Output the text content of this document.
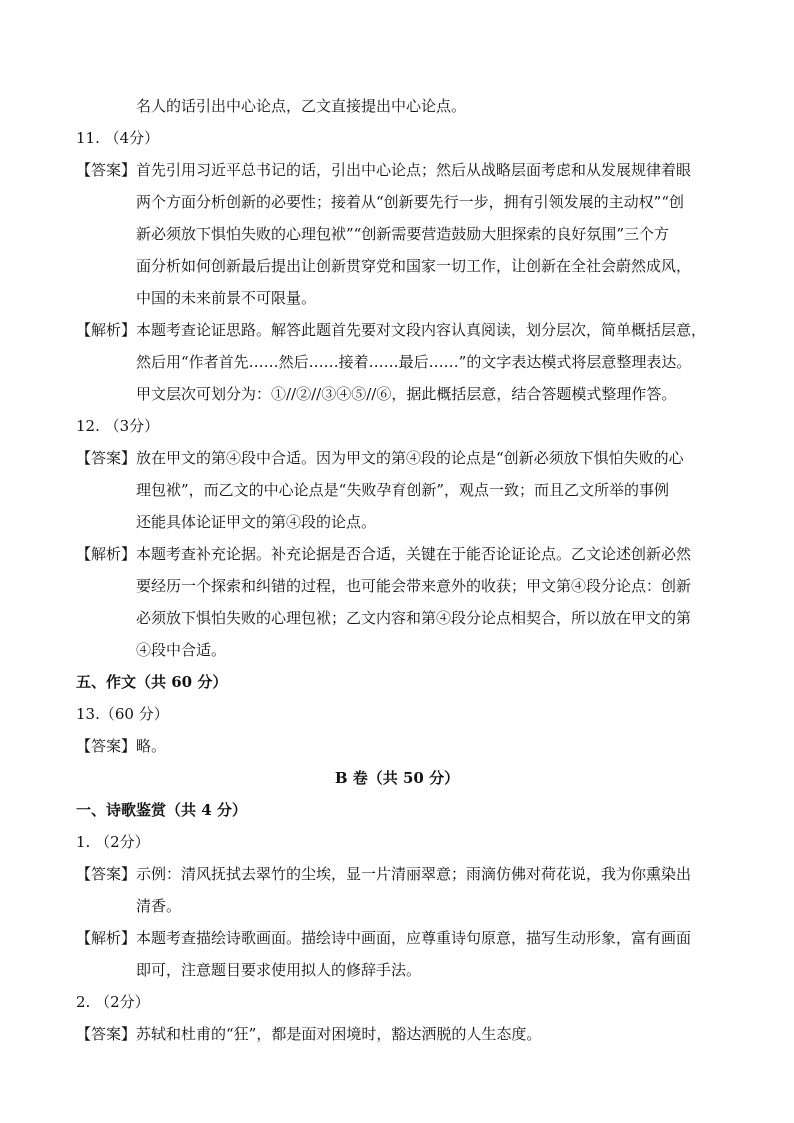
名人的话引出中心论点，乙文直接提出中心论点。
11. （4分）
【答案】 首先引用习近平总书记的话，引出中心论点；然后从战略层面考虑和从发展规律着眼
两个方面分析创新的必要性；接着从“创新要先行一步，拥有引领发展的主动权”“创
新必须放下惧怕失败的心理包袱”“创新需要营造鼓励大胆探索的良好氛围”三个方
面分析如何创新最后提出让创新贯穿党和国家一切工作，让创新在全社会蔚然成风，
中国的未来前景不可限量。
【解析】 本题考查论证思路。解答此题首先要对文段内容认真阅读，划分层次，简单概括层意，
然后用“作者首先……然后……接着……最后……”的文字表达模式将层意整理表达。
甲文层次可划分为：①//②//③④⑤//⑥，据此概括层意，结合答题模式整理作答。
12. （3分）
【答案】 放在甲文的第④段中合适。因为甲文的第④段的论点是“创新必须放下惧怕失败的心
理包袱”，而乙文的中心论点是“失败孕育创新”，观点一致；而且乙文所举的事例
还能具体论证甲文的第④段的论点。
【解析】 本题考查补充论据。补充论据是否合适，关键在于能否论证论点。乙文论述创新必然
要经历一个探索和纠错的过程，也可能会带来意外的收获；甲文第④段分论点：创新
必须放下惧怕失败的心理包袱；乙文内容和第④段分论点相契合，所以放在甲文的第
④段中合适。
五、作文（共 60 分）
13.（60 分）
【答案】 略。
B 卷（共 50 分）
一、诗歌鉴赏（共 4 分）
1. （2分）
【答案】 示例：清风抚拭去翠竹的尘埃，显一片清丽翠意；雨滴仿佛对荷花说，我为你熏染出
清香。
【解析】 本题考查描绘诗歌画面。描绘诗中画面，应尊重诗句原意，描写生动形象，富有画面
即可，注意题目要求使用拟人的修辞手法。
2. （2分）
【答案】 苏轼和杜甫的“狂”，都是面对困境时，豁达洒脱的人生态度。
